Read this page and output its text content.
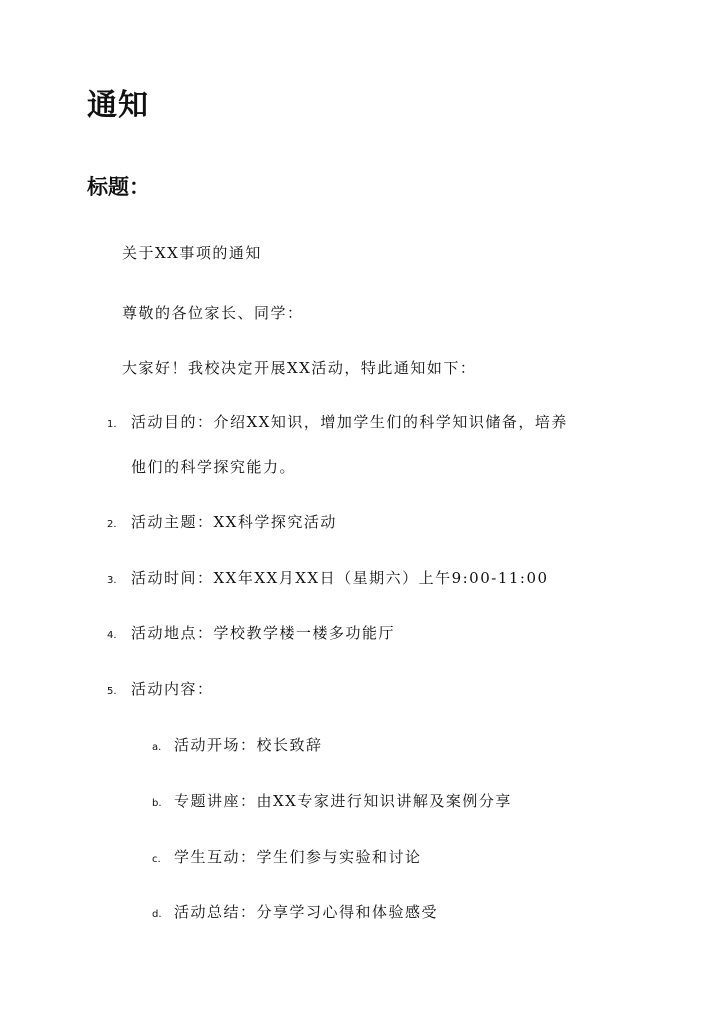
通知
标题：

关于XX事项的通知

尊敬的各位家长、同学：

大家好！我校决定开展XX活动，特此通知如下：

1. 活动目的：介绍XX知识，增加学生们的科学知识储备，培养
他们的科学探究能力。
2. 活动主题：XX科学探究活动
3. 活动时间：XX年XX月XX日（星期六）上午9:00-11:00
4. 活动地点：学校教学楼一楼多功能厅
5. 活动内容：
a. 活动开场：校长致辞
b. 专题讲座：由XX专家进行知识讲解及案例分享
c. 学生互动：学生们参与实验和讨论
d. 活动总结：分享学习心得和体验感受
